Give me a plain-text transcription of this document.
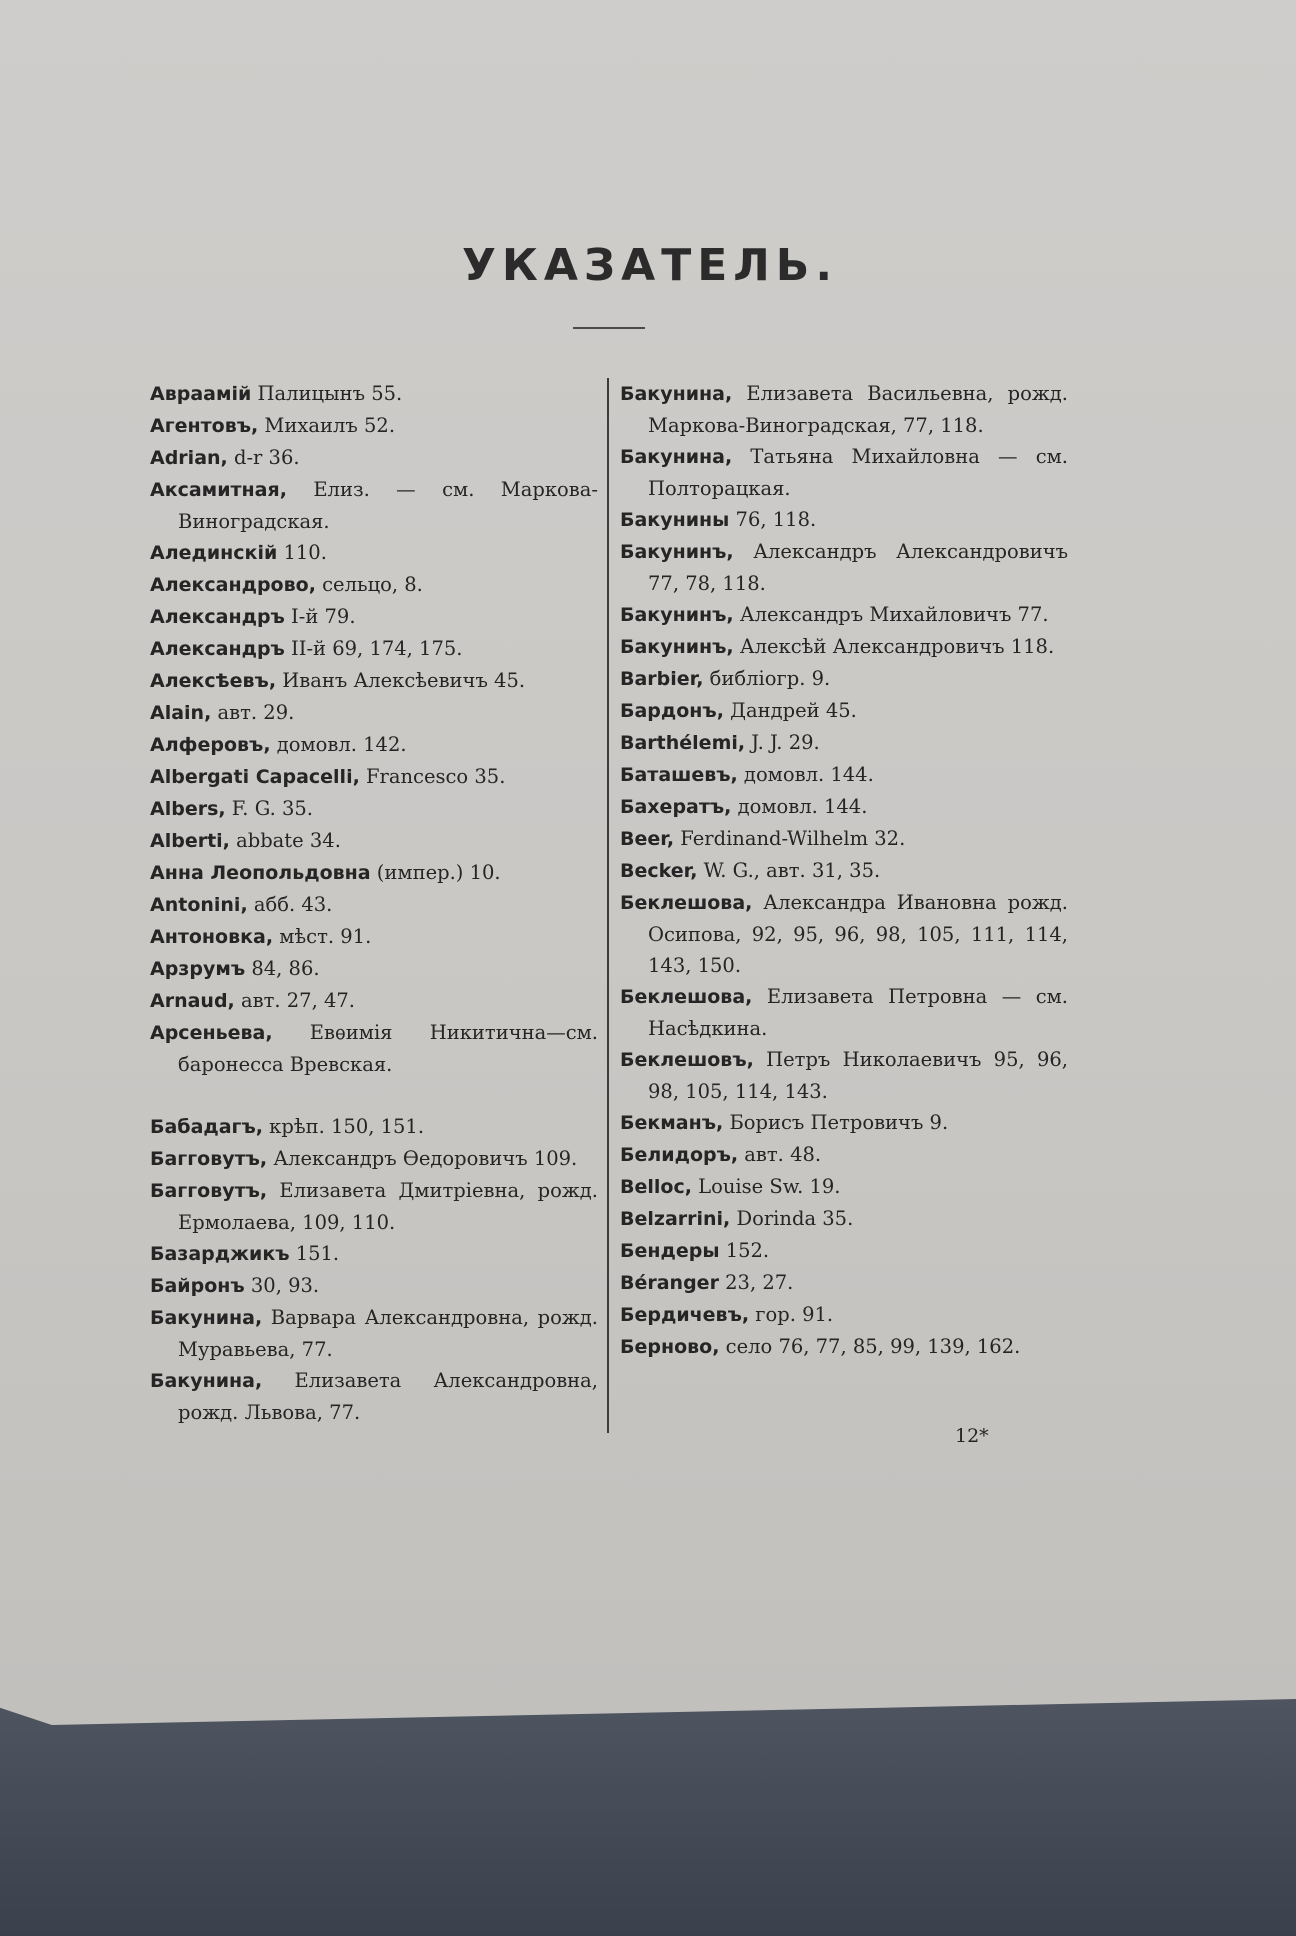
УКАЗАТЕЛЬ.
Авраамій Палицынъ 55.
Агентовъ, Михаилъ 52.
Adrian, d-r 36.
Аксамитная, Елиз. — см. Маркова-Виноградская.
Алединскій 110.
Александрово, сельцо, 8.
Александръ I-й 79.
Александръ II-й 69, 174, 175.
Алексѣевъ, Иванъ Алексѣевичъ 45.
Alain, авт. 29.
Алферовъ, домовл. 142.
Albergati Capacelli, Francesco 35.
Albers, F. G. 35.
Alberti, abbate 34.
Анна Леопольдовна (импер.) 10.
Antonini, абб. 43.
Антоновка, мѣст. 91.
Арзрумъ 84, 86.
Arnaud, авт. 27, 47.
Арсеньева, Евѳимія Никитична—см. баронесса Вревская.
Бабадагъ, крѣп. 150, 151.
Багговутъ, Александръ Ѳедоровичъ 109.
Багговутъ, Елизавета Дмитріевна, рожд. Ермолаева, 109, 110.
Базарджикъ 151.
Байронъ 30, 93.
Бакунина, Варвара Александровна, рожд. Муравьева, 77.
Бакунина, Елизавета Александровна, рожд. Львова, 77.
Бакунина, Елизавета Васильевна, рожд. Маркова-Виноградская, 77, 118.
Бакунина, Татьяна Михайловна — см. Полторацкая.
Бакунины 76, 118.
Бакунинъ, Александръ Александровичъ 77, 78, 118.
Бакунинъ, Александръ Михайловичъ 77.
Бакунинъ, Алексѣй Александровичъ 118.
Barbier, библіогр. 9.
Бардонъ, Дандрей 45.
Barthélemi, J. J. 29.
Баташевъ, домовл. 144.
Бахератъ, домовл. 144.
Beer, Ferdinand-Wilhelm 32.
Becker, W. G., авт. 31, 35.
Беклешова, Александра Ивановна рожд. Осипова, 92, 95, 96, 98, 105, 111, 114, 143, 150.
Беклешова, Елизавета Петровна — см. Насѣдкина.
Беклешовъ, Петръ Николаевичъ 95, 96, 98, 105, 114, 143.
Бекманъ, Борисъ Петровичъ 9.
Белидоръ, авт. 48.
Belloc, Louise Sw. 19.
Belzarrini, Dorinda 35.
Бендеры 152.
Béranger 23, 27.
Бердичевъ, гор. 91.
Берново, село 76, 77, 85, 99, 139, 162.
12*
